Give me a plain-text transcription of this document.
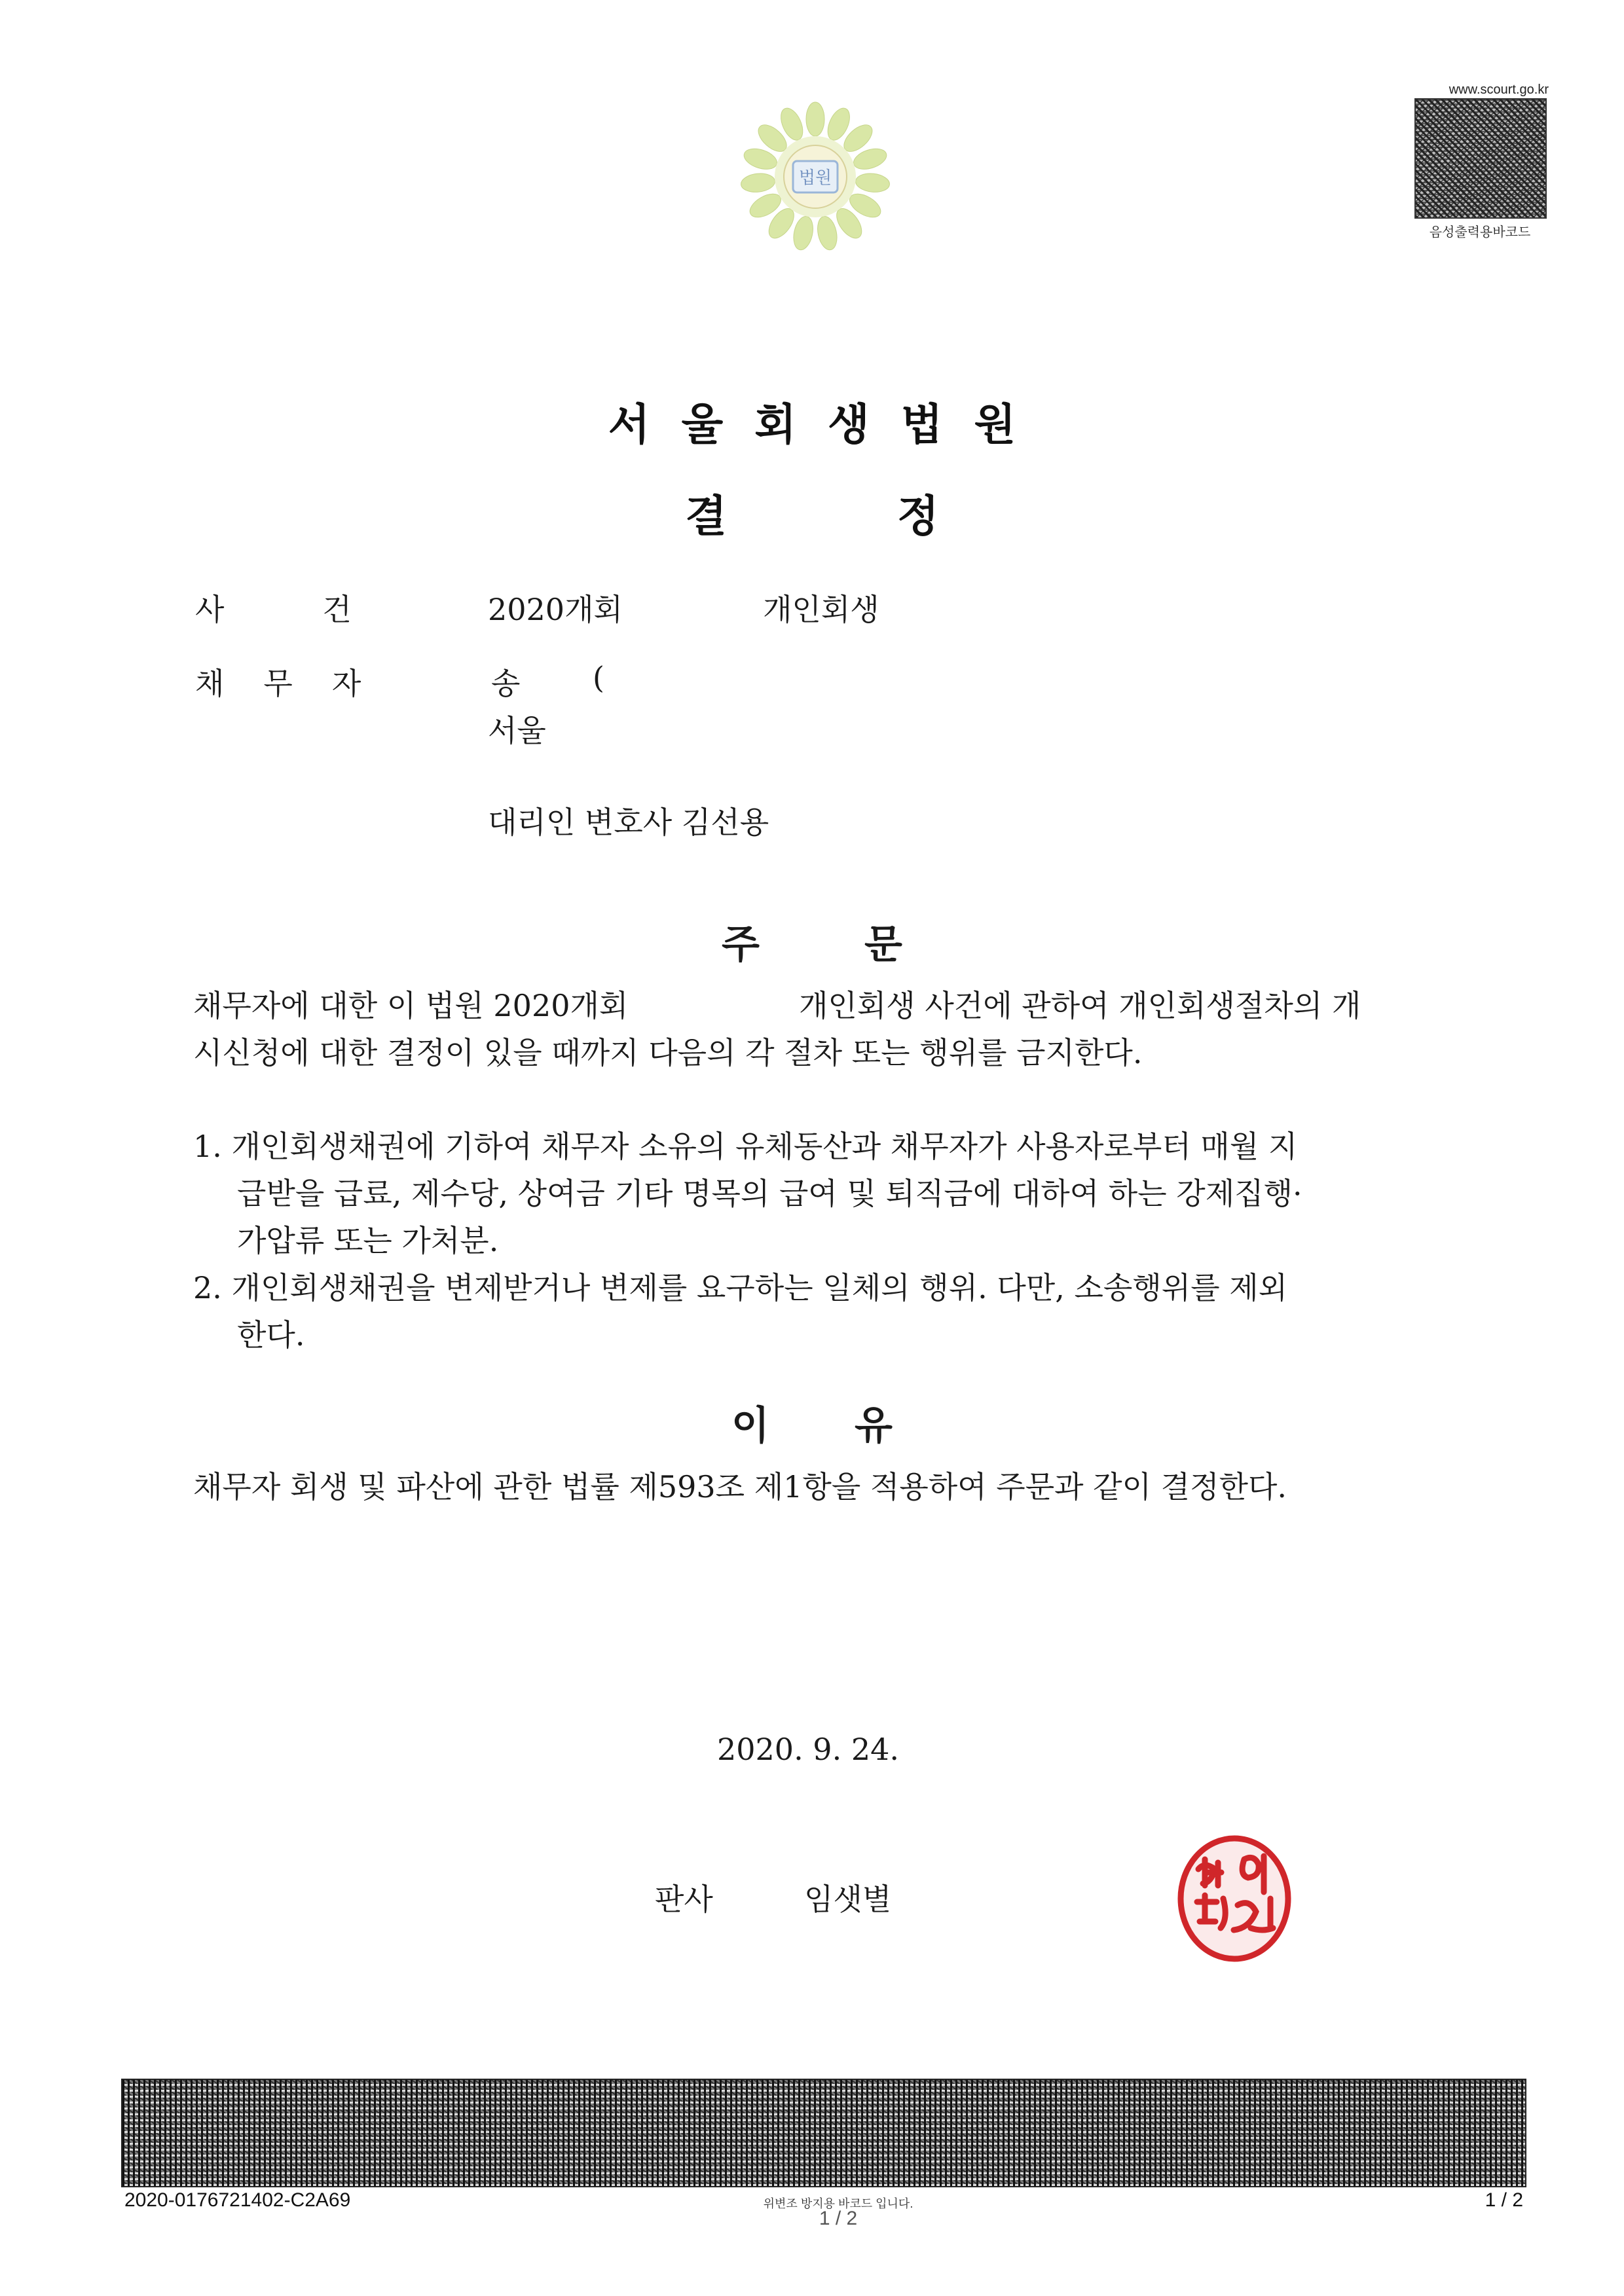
법원
www.scourt.go.kr
음성출력용바코드
서울회생법원
결정
사건 2020개회	개인회생
채무자	송 (
서울
대리인 변호사 김선용
주문
채무자에 대한 이 법원 2020개회	개인회생 사건에 관하여 개인회생절차의 개
시신청에 대한 결정이 있을 때까지 다음의 각 절차 또는 행위를 금지한다.
1. 개인회생채권에 기하여 채무자 소유의 유체동산과 채무자가 사용자로부터 매월 지
급받을 급료, 제수당, 상여금 기타 명목의 급여 및 퇴직금에 대하여 하는 강제집행·
가압류 또는 가처분.
2. 개인회생채권을 변제받거나 변제를 요구하는 일체의 행위. 다만, 소송행위를 제외
한다.
이유
채무자 회생 및 파산에 관한 법률 제593조 제1항을 적용하여 주문과 같이 결정한다.
2020. 9. 24.
판사	임샛별
2020-0176721402-C2A69	위변조 방지용 바코드 입니다.
1 / 2
1 / 2
